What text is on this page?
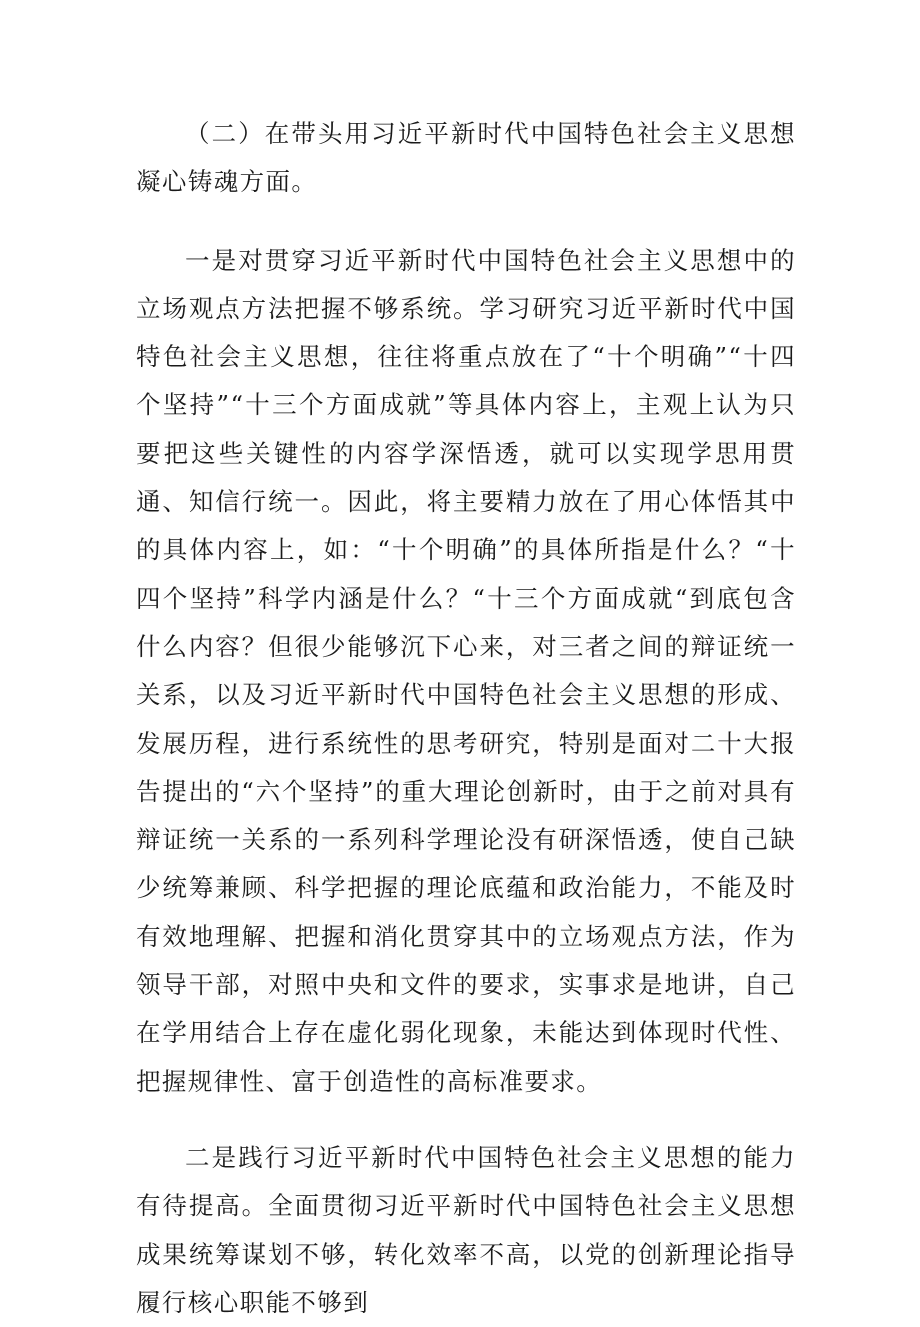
（二）在带头用习近平新时代中国特色社会主义思想凝心铸魂方面。

一是对贯穿习近平新时代中国特色社会主义思想中的立场观点方法把握不够系统。学习研究习近平新时代中国特色社会主义思想，往往将重点放在了“十个明确”“十四个坚持”“十三个方面成就”等具体内容上，主观上认为只要把这些关键性的内容学深悟透，就可以实现学思用贯通、知信行统一。因此，将主要精力放在了用心体悟其中的具体内容上，如：“十个明确”的具体所指是什么？“十四个坚持”科学内涵是什么？“十三个方面成就“到底包含什么内容？但很少能够沉下心来，对三者之间的辩证统一关系，以及习近平新时代中国特色社会主义思想的形成、发展历程，进行系统性的思考研究，特别是面对二十大报告提出的“六个坚持”的重大理论创新时，由于之前对具有辩证统一关系的一系列科学理论没有研深悟透，使自己缺少统筹兼顾、科学把握的理论底蕴和政治能力，不能及时有效地理解、把握和消化贯穿其中的立场观点方法，作为领导干部，对照中央和文件的要求，实事求是地讲，自己在学用结合上存在虚化弱化现象，未能达到体现时代性、把握规律性、富于创造性的高标准要求。

二是践行习近平新时代中国特色社会主义思想的能力有待提高。全面贯彻习近平新时代中国特色社会主义思想成果统筹谋划不够，转化效率不高，以党的创新理论指导履行核心职能不够到
